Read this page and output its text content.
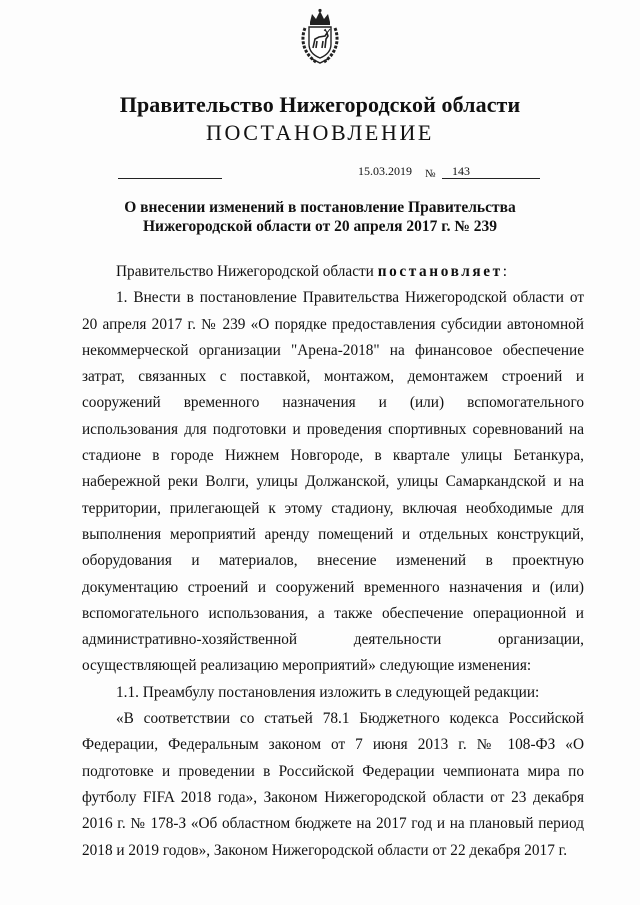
Правительство Нижегородской области
ПОСТАНОВЛЕНИЕ
15.03.2019 № 143
О внесении изменений в постановление Правительства
Нижегородской области от 20 апреля 2017 г. № 239

Правительство Нижегородской области постановляет:

1. Внести в постановление Правительства Нижегородской области от 20 апреля 2017 г. № 239 «О порядке предоставления субсидии автономной некоммерческой организации "Арена-2018" на финансовое обеспечение затрат, связанных с поставкой, монтажом, демонтажем строений и сооружений временного назначения и (или) вспомогательного использования для подготовки и проведения спортивных соревнований на стадионе в городе Нижнем Новгороде, в квартале улицы Бетанкура, набережной реки Волги, улицы Должанской, улицы Самаркандской и на территории, прилегающей к этому стадиону, включая необходимые для выполнения мероприятий аренду помещений и отдельных конструкций, оборудования и материалов, внесение изменений в проектную документацию строений и сооружений временного назначения и (или) вспомогательного использования, а также обеспечение операционной и административно-хозяйственной деятельности организации, осуществляющей реализацию мероприятий» следующие изменения:

1.1. Преамбулу постановления изложить в следующей редакции:

«В соответствии со статьей 78.1 Бюджетного кодекса Российской Федерации, Федеральным законом от 7 июня 2013 г. № 108-ФЗ «О подготовке и проведении в Российской Федерации чемпионата мира по футболу FIFA 2018 года», Законом Нижегородской области от 23 декабря 2016 г. № 178-З «Об областном бюджете на 2017 год и на плановый период 2018 и 2019 годов», Законом Нижегородской области от 22 декабря 2017 г.
